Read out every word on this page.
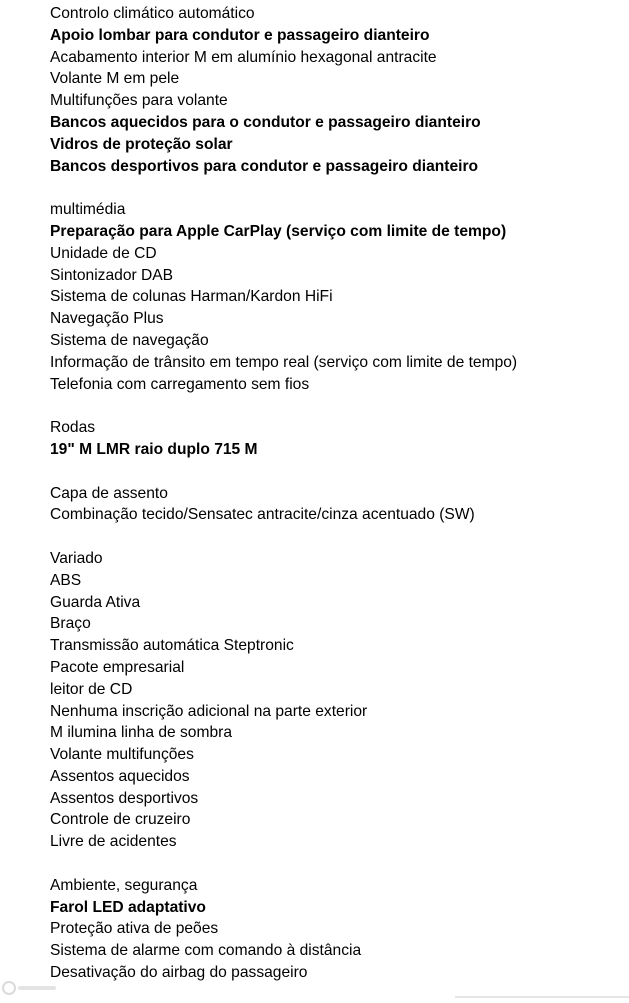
Controlo climático automático
Apoio lombar para condutor e passageiro dianteiro
Acabamento interior M em alumínio hexagonal antracite
Volante M em pele
Multifunções para volante
Bancos aquecidos para o condutor e passageiro dianteiro
Vidros de proteção solar
Bancos desportivos para condutor e passageiro dianteiro
multimédia
Preparação para Apple CarPlay (serviço com limite de tempo)
Unidade de CD
Sintonizador DAB
Sistema de colunas Harman/Kardon HiFi
Navegação Plus
Sistema de navegação
Informação de trânsito em tempo real (serviço com limite de tempo)
Telefonia com carregamento sem fios
Rodas
19" M LMR raio duplo 715 M
Capa de assento
Combinação tecido/Sensatec antracite/cinza acentuado (SW)
Variado
ABS
Guarda Ativa
Braço
Transmissão automática Steptronic
Pacote empresarial
leitor de CD
Nenhuma inscrição adicional na parte exterior
M ilumina linha de sombra
Volante multifunções
Assentos aquecidos
Assentos desportivos
Controle de cruzeiro
Livre de acidentes
Ambiente, segurança
Farol LED adaptativo
Proteção ativa de peões
Sistema de alarme com comando à distância
Desativação do airbag do passageiro
